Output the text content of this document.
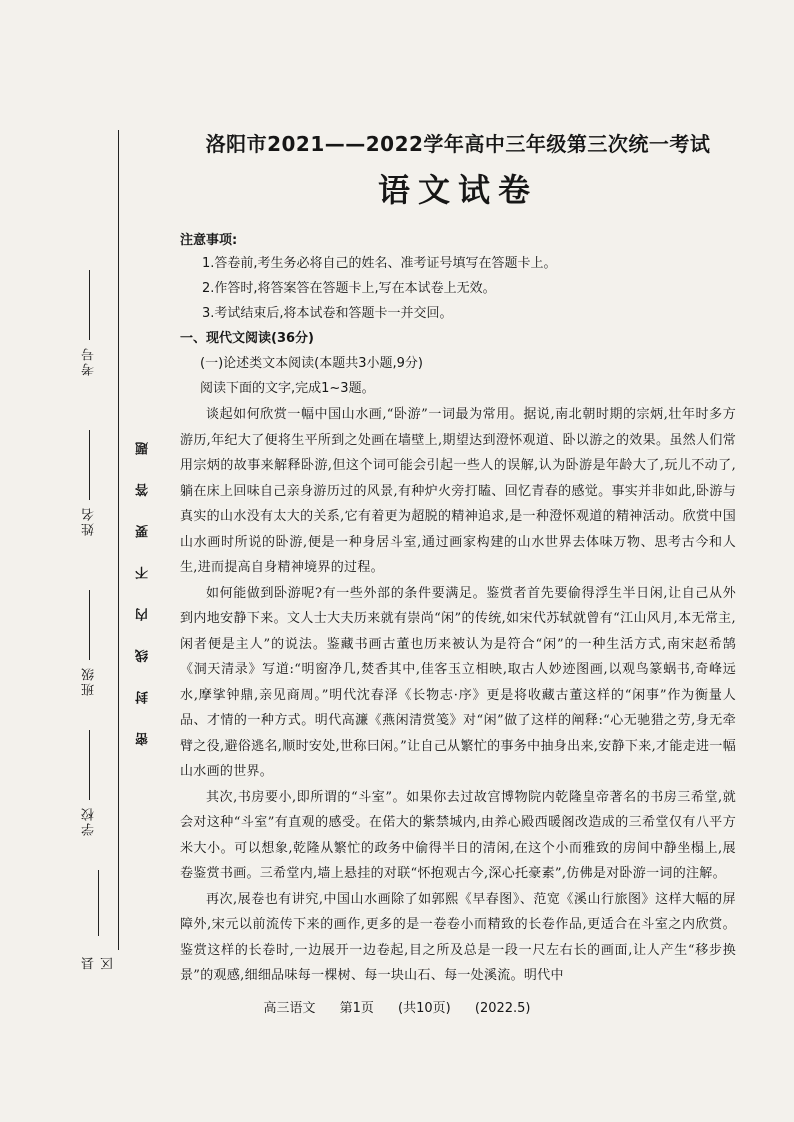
考号
姓名
班级
学校
县区
密 封 线 内 不 要 答 题
洛阳市2021——2022学年高中三年级第三次统一考试
语文试卷
注意事项:
1.答卷前,考生务必将自己的姓名、准考证号填写在答题卡上。
2.作答时,将答案答在答题卡上,写在本试卷上无效。
3.考试结束后,将本试卷和答题卡一并交回。
一、现代文阅读(36分)
(一)论述类文本阅读(本题共3小题,9分)
阅读下面的文字,完成1~3题。

谈起如何欣赏一幅中国山水画,“卧游”一词最为常用。据说,南北朝时期的宗炳,壮年时多方游历,年纪大了便将生平所到之处画在墙壁上,期望达到澄怀观道、卧以游之的效果。虽然人们常用宗炳的故事来解释卧游,但这个词可能会引起一些人的误解,认为卧游是年龄大了,玩儿不动了,躺在床上回味自己亲身游历过的风景,有种炉火旁打瞌、回忆青春的感觉。事实并非如此,卧游与真实的山水没有太大的关系,它有着更为超脱的精神追求,是一种澄怀观道的精神活动。欣赏中国山水画时所说的卧游,便是一种身居斗室,通过画家构建的山水世界去体味万物、思考古今和人生,进而提高自身精神境界的过程。

如何能做到卧游呢?有一些外部的条件要满足。鉴赏者首先要偷得浮生半日闲,让自己从外到内地安静下来。文人士大夫历来就有崇尚“闲”的传统,如宋代苏轼就曾有“江山风月,本无常主,闲者便是主人”的说法。鉴藏书画古董也历来被认为是符合“闲”的一种生活方式,南宋赵希鹄《洞天清录》写道:“明窗净几,焚香其中,佳客玉立相映,取古人妙迹图画,以观鸟篆蜗书,奇峰远水,摩挲钟鼎,亲见商周。”明代沈春泽《长物志·序》更是将收藏古董这样的“闲事”作为衡量人品、才情的一种方式。明代高濂《燕闲清赏笺》对“闲”做了这样的阐释:“心无驰猎之劳,身无牵臂之役,避俗逃名,顺时安处,世称曰闲。”让自己从繁忙的事务中抽身出来,安静下来,才能走进一幅山水画的世界。

其次,书房要小,即所谓的“斗室”。如果你去过故宫博物院内乾隆皇帝著名的书房三希堂,就会对这种“斗室”有直观的感受。在偌大的紫禁城内,由养心殿西暖阁改造成的三希堂仅有八平方米大小。可以想象,乾隆从繁忙的政务中偷得半日的清闲,在这个小而雅致的房间中静坐榻上,展卷鉴赏书画。三希堂内,墙上悬挂的对联“怀抱观古今,深心托豪素”,仿佛是对卧游一词的注解。

再次,展卷也有讲究,中国山水画除了如郭熙《早春图》、范宽《溪山行旅图》这样大幅的屏障外,宋元以前流传下来的画作,更多的是一卷卷小而精致的长卷作品,更适合在斗室之内欣赏。鉴赏这样的长卷时,一边展开一边卷起,目之所及总是一段一尺左右长的画面,让人产生“移步换景”的观感,细细品味每一棵树、每一块山石、每一处溪流。明代中

高三语文 第1页 (共10页) (2022.5)
